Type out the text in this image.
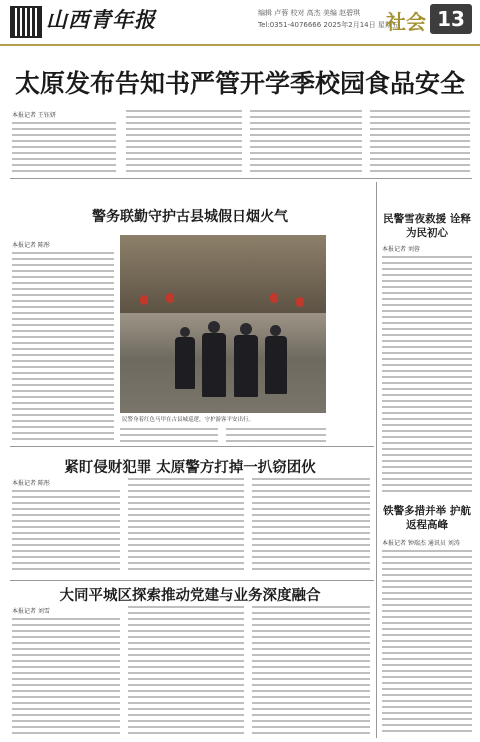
山西青年报	编辑 卢蓉 校对 高杰 美编 赵碧琪
Tel:0351-4076666 2025年2月14日 星期五
社会 13
太原发布告知书严管开学季校园食品安全
本报记者 王钰妍
警务联勤守护古县城假日烟火气
本报记者 陈彤
民警身着红色马甲在古县城巡逻，守护游客平安出行。
紧盯侵财犯罪 太原警方打掉一扒窃团伙
本报记者 陈彤
大同平城区探索推动党建与业务深度融合
本报记者 刘雪
民警雪夜救援 诠释为民初心
本报记者 刘蓉
铁警多措并举 护航返程高峰
本报记者 钟瑞杰 通讯员 刘涛
